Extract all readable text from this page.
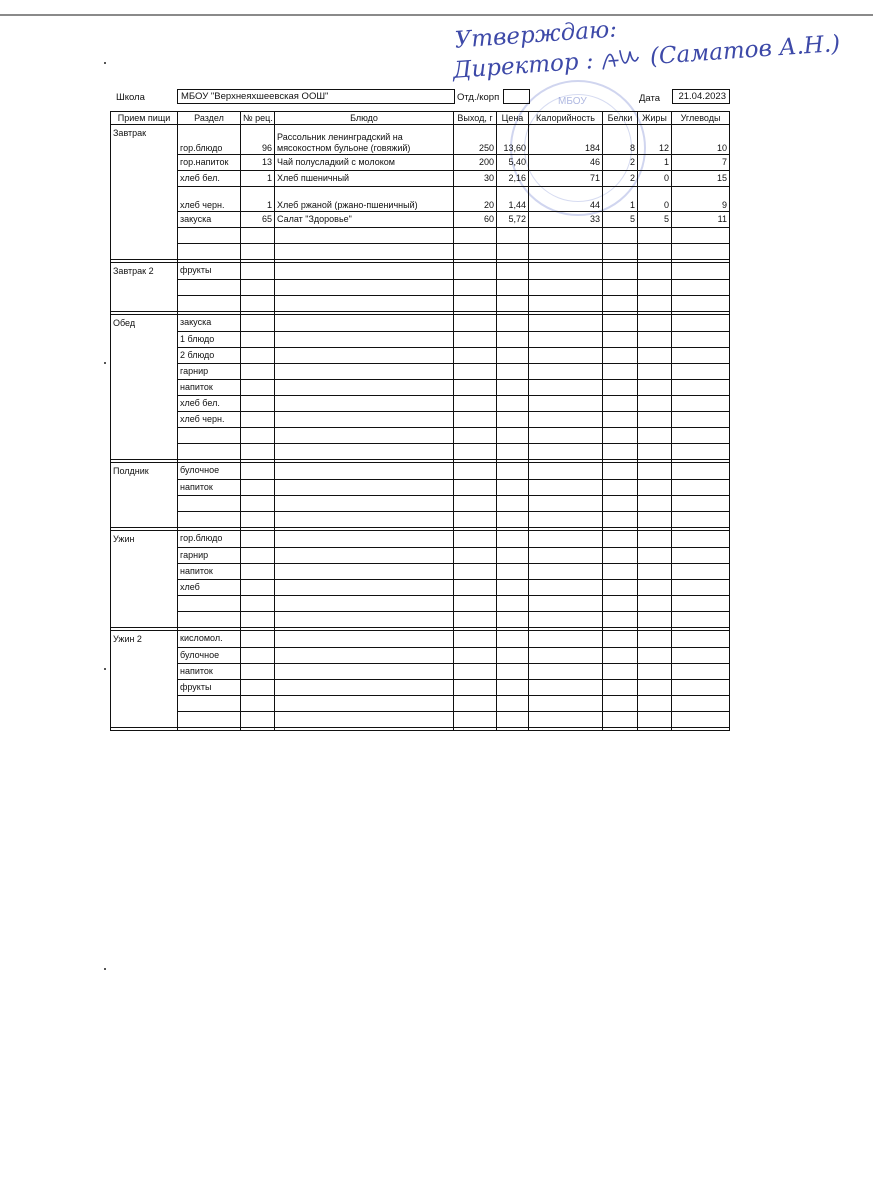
МБОУ
Утверждаю:
Директор : (Саматов А.Н.)
Школа	МБОУ "Верхнеяхшеевская ООШ"	Отд./корп	Дата	21.04.2023
Прием пищи	Раздел	№ рец.	Блюдо	Выход, г	Цена	Калорийность	Белки	Жиры	Углеводы
Завтрак	гор.блюдо	96	Рассольник ленинградский на мясокостном бульоне (говяжий)	250	13,60	184	8	12	10
	гор.напиток	13	Чай полусладкий с молоком	200	5,40	46	2	1	7
	хлеб бел.	1	Хлеб пшеничный	30	2,16	71	2	0	15
	хлеб черн.	1	Хлеб ржаной (ржано-пшеничный)	20	1,44	44	1	0	9
	закуска	65	Салат "Здоровье"	60	5,72	33	5	5	11

Завтрак 2	фрукты								

Обед	закуска								
	1 блюдо								
	2 блюдо								
	гарнир								
	напиток								
	хлеб бел.								
	хлеб черн.								

Полдник	булочное								
	напиток								

Ужин	гор.блюдо								
	гарнир								
	напиток								
	хлеб								

Ужин 2	кисломол.								
	булочное								
	напиток								
	фрукты								
